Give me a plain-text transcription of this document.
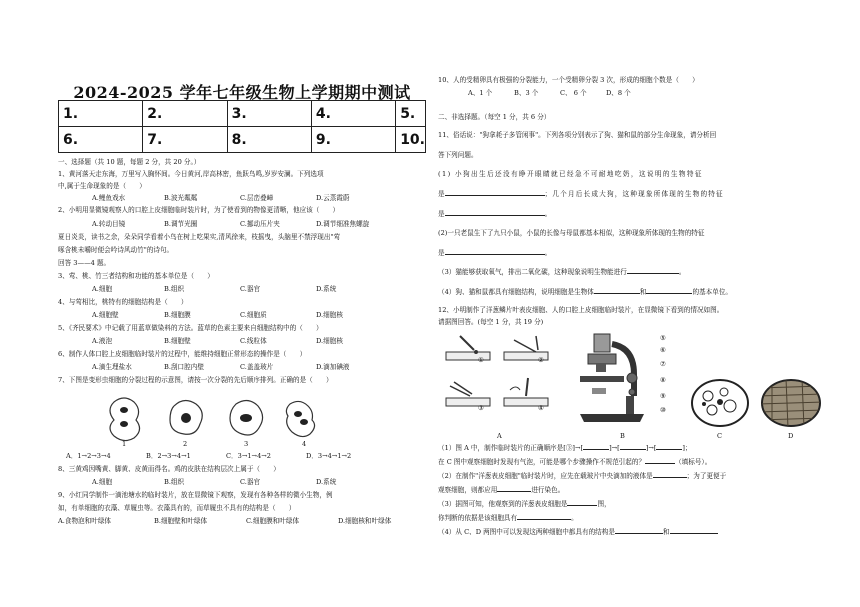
2024-2025 学年七年级生物上学期期中测试
1.	2.	3.	4.	5.
6.	7.	8.	9.	10.
一、选择题（共 10 题，每题 2 分，共 20 分。）
1、黄河落天走东海，万里写入胸怀间。今日黄河,岸高林密，鱼跃鸟鸣,岁岁安澜。下列选项
中,属于生命现象的是（　　）
A.鲤鱼戏水	B.波光粼粼	C.层峦叠嶂	D.云蒸霞蔚
2、小明用显微镜观察人的口腔上皮细胞临时装片时，为了使看到的物像更清晰，他应该（　　）
A.转动目镜	B.调节光圈	C.挪动压片夹	D.调节细准焦螺旋
夏日炎炎，读书之余，朵朵同学看着小鸟在树上吃果实,清风徐来，枝摇曳，头脑里不禁浮现出"莺
啄含桃未嚼时便会吟诗风动竹"的诗句。
回答 3——4 题。
3、莺、桃、竹三者结构和功能的基本单位是（　　）
A.细胞	B.组织	C.器官	D.系统
4、与莺相比，桃特有的细胞结构是（　　）
A.细胞壁	B.细胞膜	C.细胞质	D.细胞核
5、《齐民要术》中记载了用蓝草做染料的方法。蓝草的色素主要来自细胞结构中的（　　）
A.液泡	B.细胞壁	C.线粒体	D.细胞核
6、制作人体口腔上皮细胞临时装片的过程中，能维持细胞正常形态的操作是（　　）
A.滴生理盐水	B.刮口腔内壁	C.盖盖玻片	D.滴加碘液
7、下图是变形虫细胞的分裂过程的示意图，请按一次分裂的先后顺序排列。正确的是（　　）
1	2	3	4
A．1→2→3→4	B．2→3→4→1	C．3→1→4→2	D．3→4→1→2
8、三黄鸡因嘴黄、脚黄、皮黄而得名。鸡的皮肤在结构层次上属于（　　）
A.细胞	B.组织	C.器官	D.系统
9、小红同学制作一滴池塘水的临时装片，放在显微镜下观察，发现有各种各样的微小生物，例
如，有单细胞的衣藻、草履虫等。衣藻具有的，而草履虫不具有的结构是（　　）
A.食物泡和叶绿体	B.细胞壁和叶绿体	C.细胞膜和叶绿体	D.细胞核和叶绿体
10、人的受精卵具有极强的分裂能力，一个受精卵分裂 3 次，形成的细胞个数是（　　）
A、1 个	B、3 个	C、 6 个	D、8 个
二、非选择题。（每空 1 分，共 6 分）
11、俗话说："狗拿耗子多管闲事"。下列各项分别表示了狗、猫和鼠的部分生命现象，请分析回
答下列问题。
(1) 小狗出生后还没有睁开眼睛就已经急不可耐地吃奶，这说明的生物特征
是	；几个月后长成大狗，这种现象所体现的生物的特征
是	。
(2)一只老鼠生下了九只小鼠，小鼠的长像与母鼠都基本相似，这种现象所体现的生物的特征
是	。
（3）猫能够获取氧气，排出二氧化碳，这种现象说明生物能进行	。
（4）狗、猫和鼠都具有细胞结构，说明细胞是生物体	和	的基本单位。
12、小明制作了洋葱鳞片叶表皮细胞、人的口腔上皮细胞临时装片，在显微镜下看到的情况如图。
请据图回答。(每空 1 分，共 19 分)
①	②
③	④
A
⑤
⑥
⑦
⑧
⑨
⑩
B	C	D
（1）图 A 中，制作临时装片的正确顺序是[③]→[	]→[	]→[	]；
在 C 图中观察细胞时发现有气泡，可能是哪个步骤操作不规范引起的？	（填标号）。
（2）在制作"洋葱表皮细胞"临时装片时，应先在载玻片中央滴加的液体是	；为了更便于
观察细胞，则都应用	进行染色。
（3）据图可知，他观察到的洋葱表皮细胞是	图，
你判断的依据是该细胞具有	。
（4）从 C、D 两图中可以发现这两种细胞中都具有的结构是	和
